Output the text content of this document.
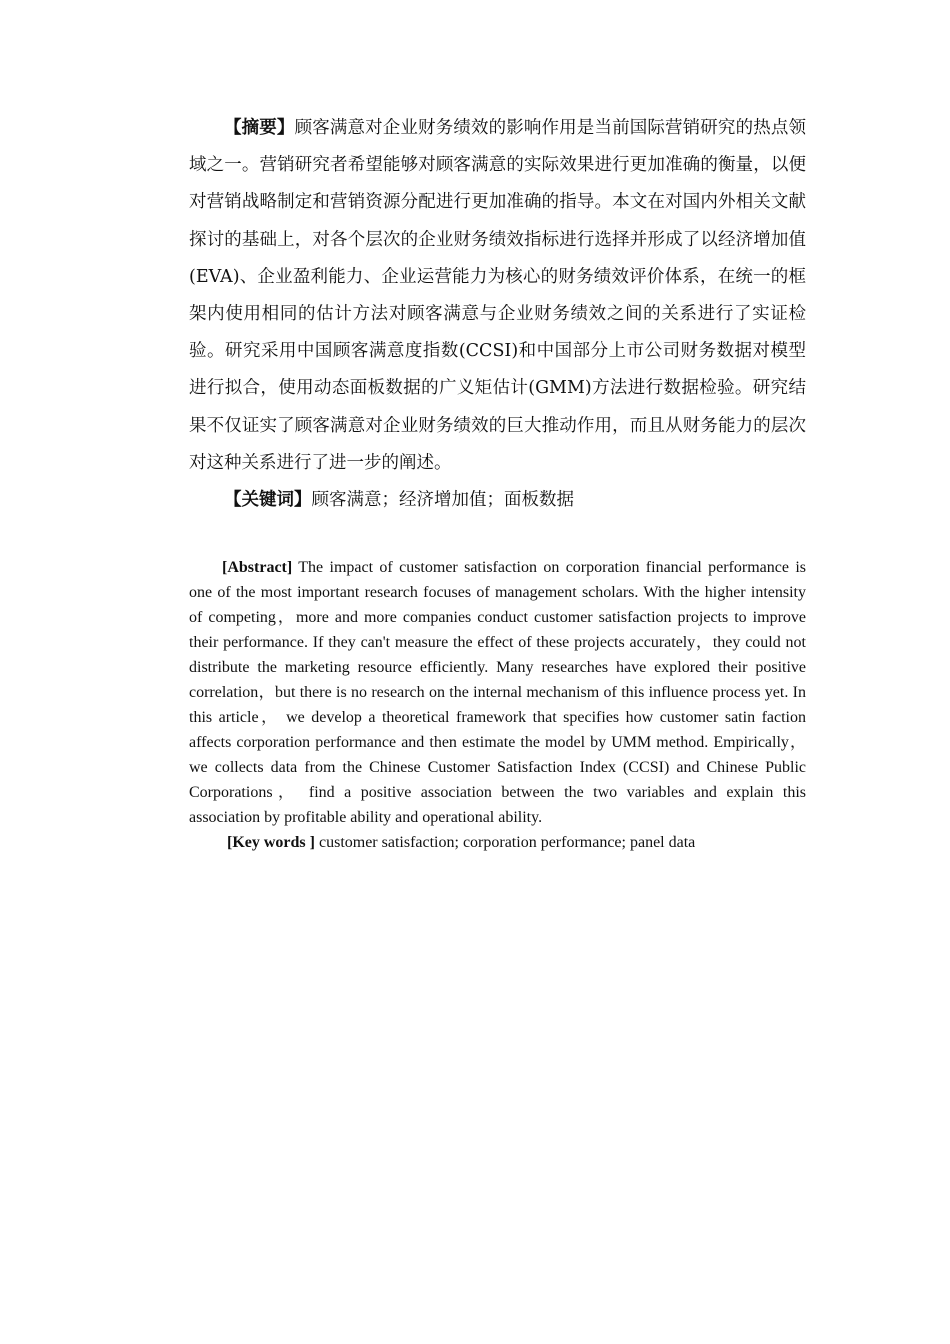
【摘要】顾客满意对企业财务绩效的影响作用是当前国际营销研究的热点领域之一。营销研究者希望能够对顾客满意的实际效果进行更加准确的衡量，以便对营销战略制定和营销资源分配进行更加准确的指导。本文在对国内外相关文献探讨的基础上，对各个层次的企业财务绩效指标进行选择并形成了以经济增加值(EVA)、企业盈利能力、企业运营能力为核心的财务绩效评价体系，在统一的框架内使用相同的估计方法对顾客满意与企业财务绩效之间的关系进行了实证检验。研究采用中国顾客满意度指数(CCSI)和中国部分上市公司财务数据对模型进行拟合，使用动态面板数据的广义矩估计(GMM)方法进行数据检验。研究结果不仅证实了顾客满意对企业财务绩效的巨大推动作用，而且从财务能力的层次对这种关系进行了进一步的阐述。

【关键词】顾客满意；经济增加值；面板数据

[Abstract] The impact of customer satisfaction on corporation financial performance is one of the most important research focuses of management scholars. With the higher intensity of competing，more and more companies conduct customer satisfaction projects to improve their performance. If they can't measure the effect of these projects accurately，they could not distribute the marketing resource efficiently. Many researches have explored their positive correlation，but there is no research on the internal mechanism of this influence process yet. In this article， we develop a theoretical framework that specifies how customer satin faction affects corporation performance and then estimate the model by UMM method. Empirically， we collects data from the Chinese Customer Satisfaction Index (CCSI) and Chinese Public Corporations， find a positive association between the two variables and explain this association by profitable ability and operational ability.

[Key words ] customer satisfaction; corporation performance; panel data
